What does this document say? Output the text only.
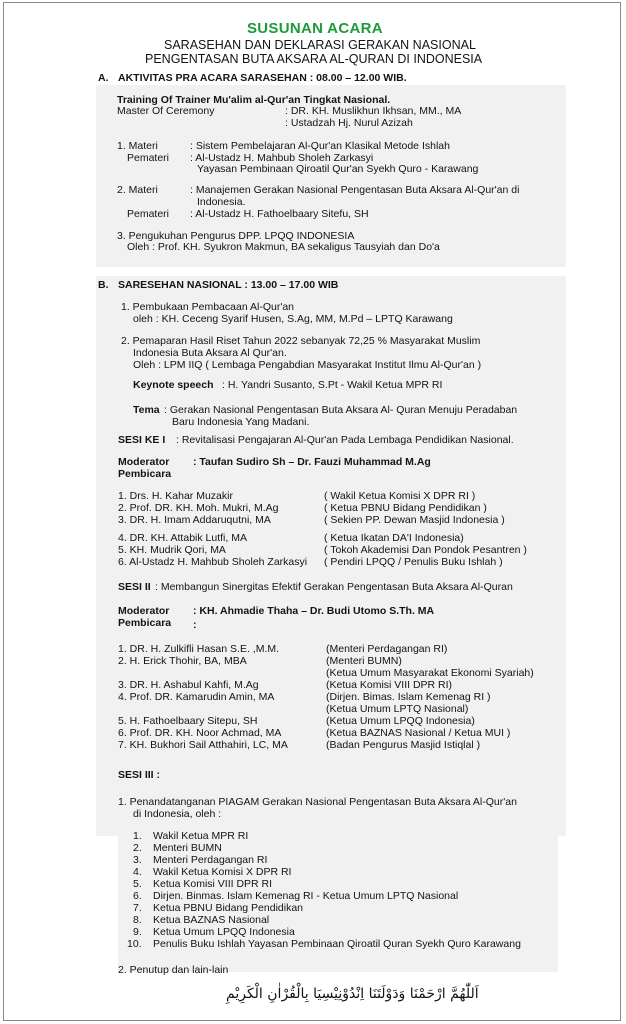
SUSUNAN ACARA
SARASEHAN DAN DEKLARASI GERAKAN NASIONAL
PENGENTASAN BUTA AKSARA AL-QURAN DI INDONESIA
A. AKTIVITAS PRA ACARA SARASEHAN : 08.00 – 12.00 WIB.
Training Of Trainer Mu'alim al-Qur'an Tingkat Nasional.
Master Of Ceremony	: DR. KH. Muslikhun Ikhsan, MM., MA
: Ustadzah Hj. Nurul Azizah
1. Materi	: Sistem Pembelajaran Al-Qur'an Klasikal Metode Ishlah
Pemateri : Al-Ustadz H. Mahbub Sholeh Zarkasyi
Yayasan Pembinaan Qiroatil Qur'an Syekh Quro - Karawang
2. Materi	: Manajemen Gerakan Nasional Pengentasan Buta Aksara Al-Qur'an di
Indonesia.
Pemateri : Al-Ustadz H. Fathoelbaary Sitefu, SH
3. Pengukuhan Pengurus DPP. LPQQ INDONESIA
Oleh : Prof. KH. Syukron Makmun, BA sekaligus Tausyiah dan Do'a
B. SARESEHAN NASIONAL : 13.00 – 17.00 WIB
1. Pembukaan Pembacaan Al-Qur'an
oleh : KH. Ceceng Syarif Husen, S.Ag, MM, M.Pd – LPTQ Karawang
2. Pemaparan Hasil Riset Tahun 2022 sebanyak 72,25 % Masyarakat Muslim
Indonesia Buta Aksara Al Qur'an.
Oleh : LPM IIQ ( Lembaga Pengabdian Masyarakat Institut Ilmu Al-Qur'an )
Keynote speech : H. Yandri Susanto, S.Pt - Wakil Ketua MPR RI
Tema : Gerakan Nasional Pengentasan Buta Aksara Al- Quran Menuju Peradaban
Baru Indonesia Yang Madani.
SESI KE I : Revitalisasi Pengajaran Al-Qur'an Pada Lembaga Pendidikan Nasional.
Moderator : Taufan Sudiro Sh – Dr. Fauzi Muhammad M.Ag
Pembicara
1. Drs. H. Kahar Muzakir	( Wakil Ketua Komisi X DPR RI )
2. Prof. DR. KH. Moh. Mukri, M.Ag	( Ketua PBNU Bidang Pendidikan )
3. DR. H. Imam Addaruqutni, MA	( Sekien PP. Dewan Masjid Indonesia )
4. DR. KH. Attabik Lutfi, MA	( Ketua Ikatan DA'I Indonesia)
5. KH. Mudrik Qori, MA	( Tokoh Akademisi Dan Pondok Pesantren )
6. Al-Ustadz H. Mahbub Sholeh Zarkasyi ( Pendiri LPQQ / Penulis Buku Ishlah )
SESI II : Membangun Sinergitas Efektif Gerakan Pengentasan Buta Aksara Al-Quran
Moderator : KH. Ahmadie Thaha – Dr. Budi Utomo S.Th. MA
Pembicara :
1. DR. H. Zulkifli Hasan S.E. ,M.M.	(Menteri Perdagangan RI)
2. H. Erick Thohir, BA, MBA	(Menteri BUMN)
(Ketua Umum Masyarakat Ekonomi Syariah)
3. DR. H. Ashabul Kahfi, M.Ag	(Ketua Komisi VIII DPR RI)
4. Prof. DR. Kamarudin Amin, MA	(Dirjen. Bimas. Islam Kemenag RI )
(Ketua Umum LPTQ Nasional)
5. H. Fathoelbaary Sitepu, SH	(Ketua Umum LPQQ Indonesia)
6. Prof. DR. KH. Noor Achmad, MA	(Ketua BAZNAS Nasional / Ketua MUI )
7. KH. Bukhori Sail Atthahiri, LC, MA	(Badan Pengurus Masjid Istiqlal )
SESI III :
1. Penandatanganan PIAGAM Gerakan Nasional Pengentasan Buta Aksara Al-Qur'an
di Indonesia, oleh :
1. Wakil Ketua MPR RI
2. Menteri BUMN
3. Menteri Perdagangan RI
4. Wakil Ketua Komisi X DPR RI
5. Ketua Komisi VIII DPR RI
6. Dirjen. Binmas. Islam Kemenag RI - Ketua Umum LPTQ Nasional
7. Ketua PBNU Bidang Pendidikan
8. Ketua BAZNAS Nasional
9. Ketua Umum LPQQ Indonesia
10. Penulis Buku Ishlah Yayasan Pembinaan Qiroatil Quran Syekh Quro Karawang
2. Penutup dan lain-lain
اَللّٰهُمَّ ارْحَمْنَا وَدَوْلَتَنَا اِنْدُوْنِيْسِيَا بِالْقُرْاٰنِ الْكَرِيْمِ
